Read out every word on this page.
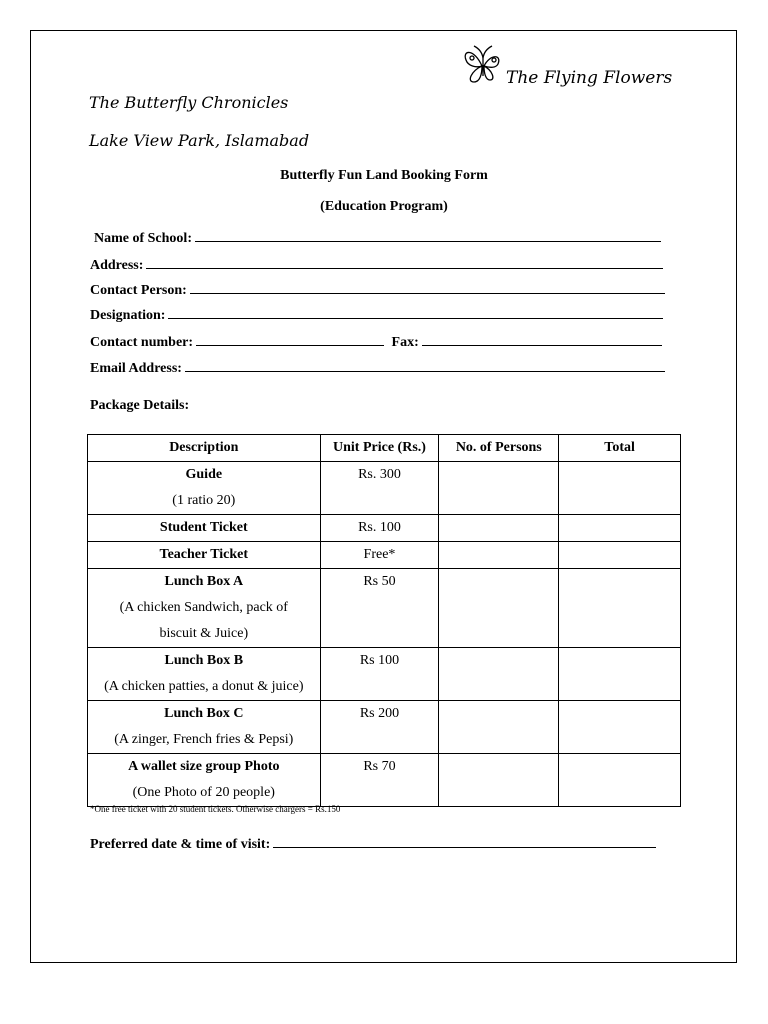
The Flying Flowers
The Butterfly Chronicles
Lake View Park, Islamabad
Butterfly Fun Land Booking Form
(Education Program)
Name of School:
Address:
Contact Person:
Designation:
Contact number:	Fax:
Email Address:
Package Details:
Description	Unit Price (Rs.)	No. of Persons	Total

Guide
(1 ratio 20)	Rs. 300		

Student Ticket	Rs. 100		

Teacher Ticket	Free*		

Lunch Box A
(A chicken Sandwich, pack of
biscuit & Juice)	Rs 50		

Lunch Box B
(A chicken patties, a donut & juice)	Rs 100		

Lunch Box C
(A zinger, French fries & Pepsi)	Rs 200		

A wallet size group Photo
(One Photo of 20 people)	Rs 70		
*One free ticket with 20 student tickets. Otherwise chargers = Rs.150
Preferred date & time of visit:
